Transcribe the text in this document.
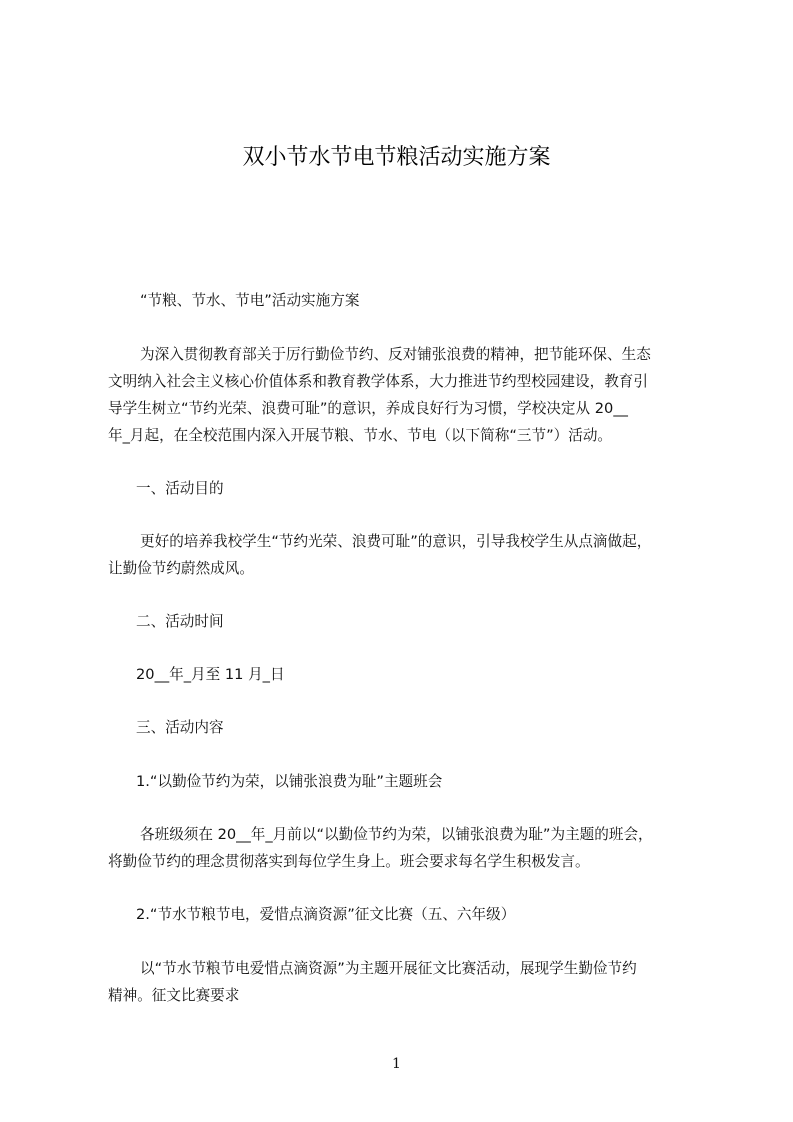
双小节水节电节粮活动实施方案
“节粮、节水、节电”活动实施方案
为深入贯彻教育部关于厉行勤俭节约、反对铺张浪费的精神，把节能环保、生态
文明纳入社会主义核心价值体系和教育教学体系，大力推进节约型校园建设，教育引
导学生树立“节约光荣、浪费可耻”的意识，养成良好行为习惯，学校决定从 20__
年_月起，在全校范围内深入开展节粮、节水、节电（以下简称“三节”）活动。
一、活动目的
更好的培养我校学生“节约光荣、浪费可耻”的意识，引导我校学生从点滴做起，
让勤俭节约蔚然成风。
二、活动时间
20__年_月至 11 月_日
三、活动内容
1.“以勤俭节约为荣，以铺张浪费为耻”主题班会
各班级须在 20__年_月前以“以勤俭节约为荣，以铺张浪费为耻”为主题的班会，
将勤俭节约的理念贯彻落实到每位学生身上。班会要求每名学生积极发言。
2.“节水节粮节电，爱惜点滴资源”征文比赛（五、六年级）
以“节水节粮节电爱惜点滴资源”为主题开展征文比赛活动，展现学生勤俭节约
精神。征文比赛要求
1
